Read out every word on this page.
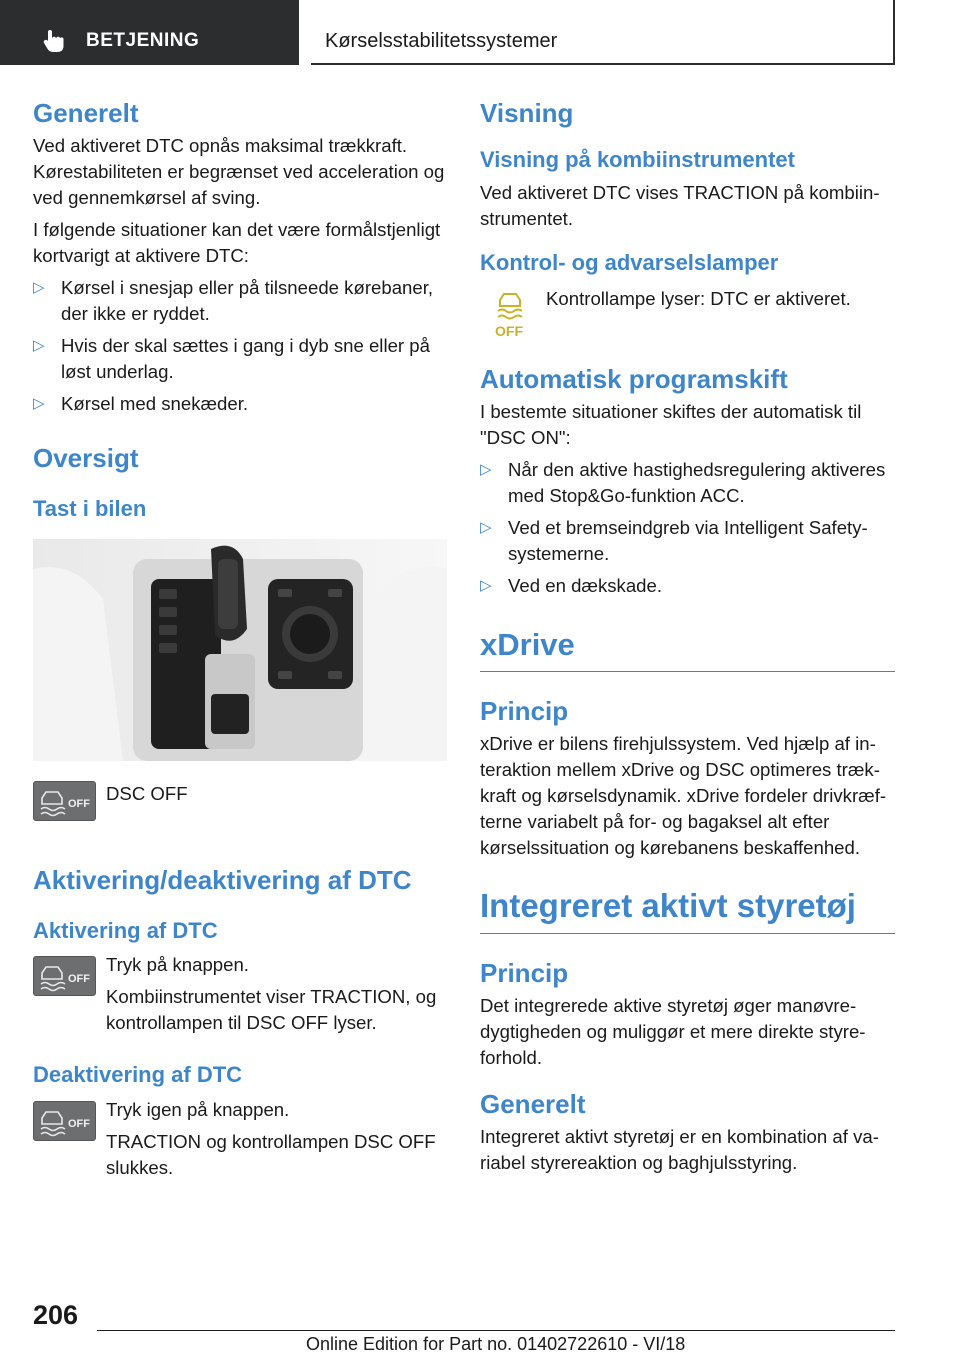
BETJENING	Kørselsstabilitetssystemer
Generelt

Ved aktiveret DTC opnås maksimal trækkraft. Kørestabiliteten er begrænset ved acceleration og ved gennemkørsel af sving.

I følgende situationer kan det være formålstjenligt kortvarigt at aktivere DTC:

▷ Kørsel i snesjap eller på tilsneede kørebaner, der ikke er ryddet.
▷ Hvis der skal sættes i gang i dyb sne eller på løst underlag.
▷ Kørsel med snekæder.
Oversigt
Tast i bilen
OFF DSC OFF
Aktivering/deaktivering af DTC
Aktivering af DTC
OFF
Tryk på knappen.
Kombiinstrumentet viser TRACTION, og kontrollampen til DSC OFF lyser.
Deaktivering af DTC
OFF
Tryk igen på knappen.
TRACTION og kontrollampen DSC OFF slukkes.
Visning
Visning på kombiinstrumentet

Ved aktiveret DTC vises TRACTION på kombiinstrumentet.

Kontrol- og advarselslamper
OFF
Kontrollampe lyser: DTC er aktiveret.
Automatisk programskift

I bestemte situationer skiftes der automatisk til "DSC ON":

▷ Når den aktive hastighedsregulering aktiveres med Stop&Go-funktion ACC.
▷ Ved et bremseindgreb via Intelligent Safety-systemerne.
▷ Ved en dækskade.
xDrive
Princip

xDrive er bilens firehjulssystem. Ved hjælp af interaktion mellem xDrive og DSC optimeres trækkraft og kørselsdynamik. xDrive fordeler drivkræfterne variabelt på for- og bagaksel alt efter kørselssituation og kørebanens beskaffenhed.

Integreret aktivt styretøj
Princip

Det integrerede aktive styretøj øger manøvredygtigheden og muliggør et mere direkte styreforhold.

Generelt

Integreret aktivt styretøj er en kombination af variabel styrereaktion og baghjulsstyring.

206
Online Edition for Part no. 01402722610 - VI/18
